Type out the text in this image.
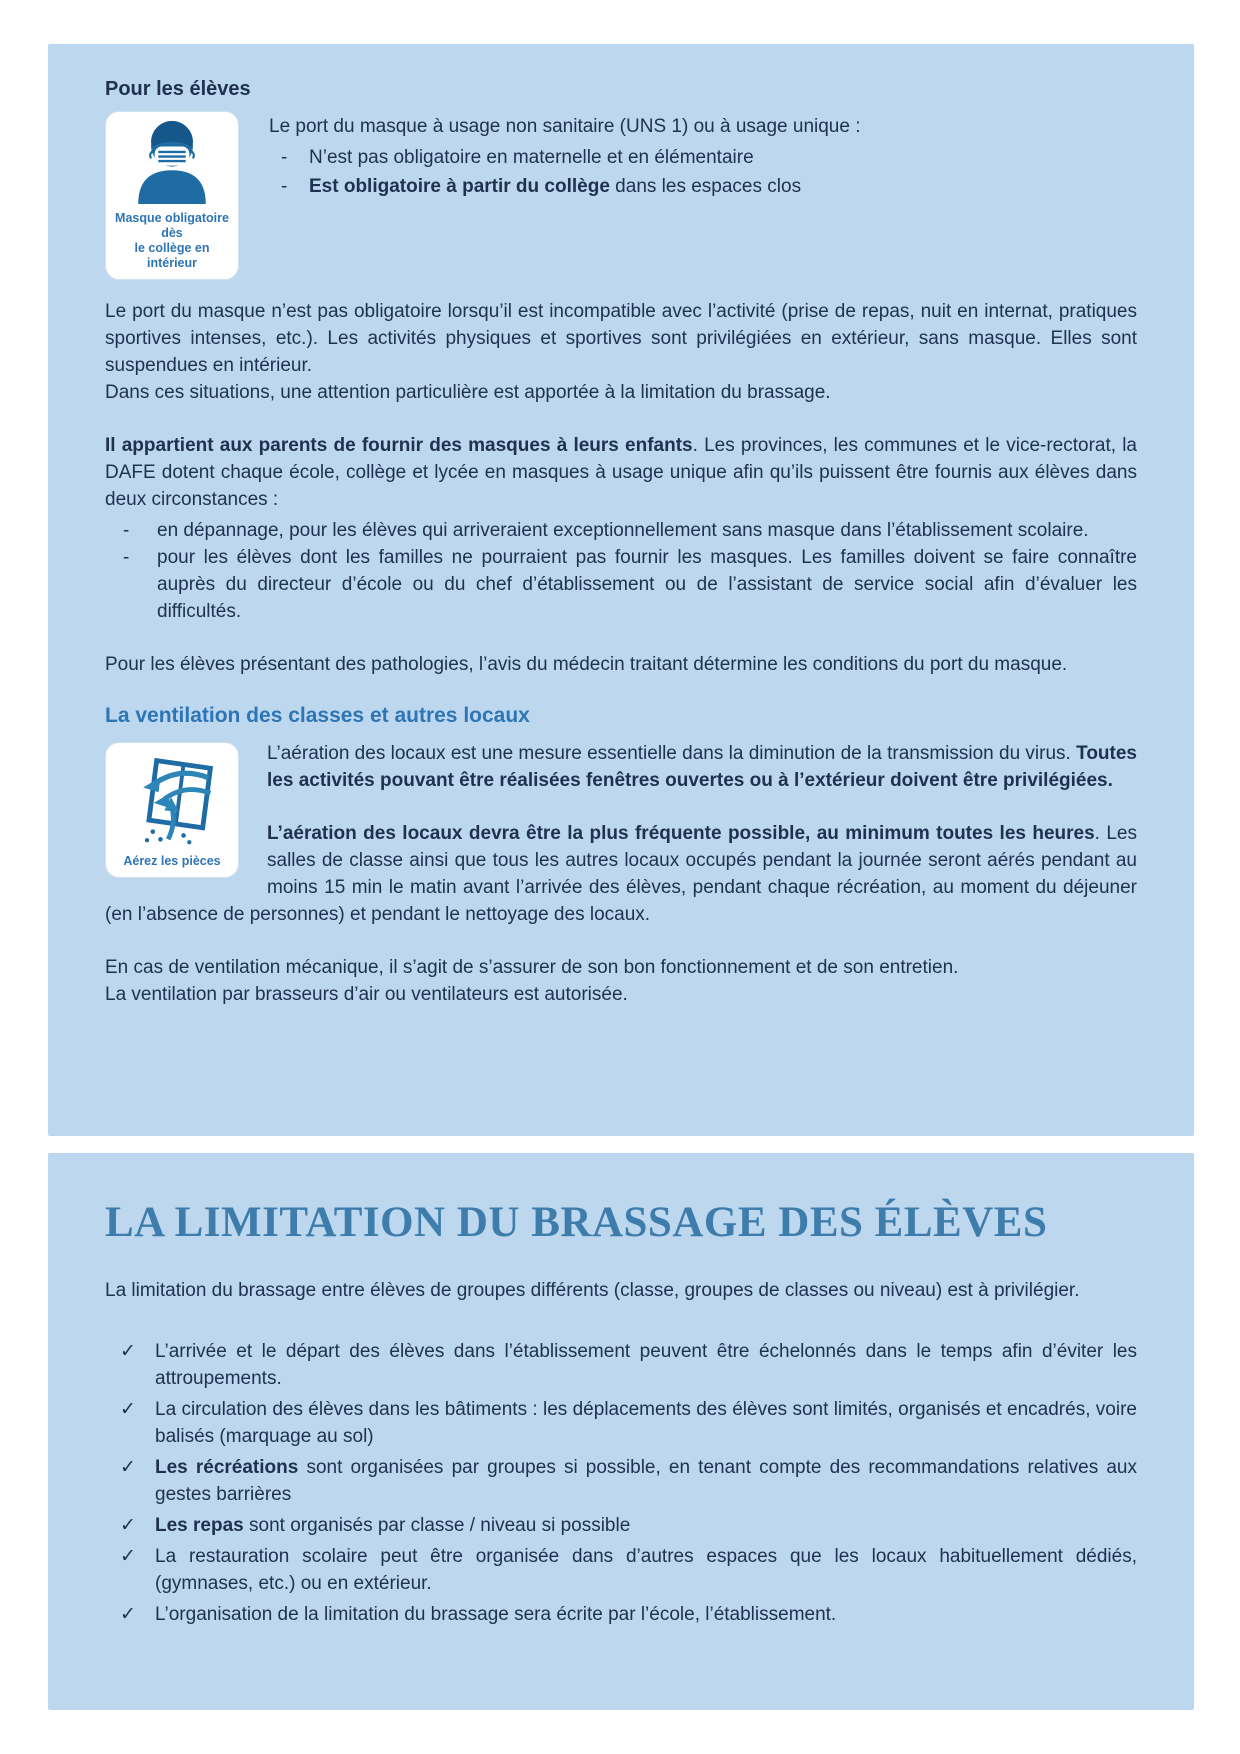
Pour les élèves
Masque obligatoire dès
le collège en intérieur
Le port du masque à usage non sanitaire (UNS 1) ou à usage unique :
- N’est pas obligatoire en maternelle et en élémentaire
- Est obligatoire à partir du collège dans les espaces clos
Le port du masque n’est pas obligatoire lorsqu’il est incompatible avec l’activité (prise de repas, nuit en internat, pratiques sportives intenses, etc.). Les activités physiques et sportives sont privilégiées en extérieur, sans masque. Elles sont suspendues en intérieur.
Dans ces situations, une attention particulière est apportée à la limitation du brassage.
Il appartient aux parents de fournir des masques à leurs enfants. Les provinces, les communes et le vice-rectorat, la DAFE dotent chaque école, collège et lycée en masques à usage unique afin qu’ils puissent être fournis aux élèves dans deux circonstances :
- en dépannage, pour les élèves qui arriveraient exceptionnellement sans masque dans l’établissement scolaire.
- pour les élèves dont les familles ne pourraient pas fournir les masques. Les familles doivent se faire connaître auprès du directeur d’école ou du chef d’établissement ou de l’assistant de service social afin d’évaluer les difficultés.
Pour les élèves présentant des pathologies, l’avis du médecin traitant détermine les conditions du port du masque.
La ventilation des classes et autres locaux
Aérez les pièces
L’aération des locaux est une mesure essentielle dans la diminution de la transmission du virus. Toutes les activités pouvant être réalisées fenêtres ouvertes ou à l’extérieur doivent être privilégiées.
L’aération des locaux devra être la plus fréquente possible, au minimum toutes les heures. Les salles de classe ainsi que tous les autres locaux occupés pendant la journée seront aérés pendant au moins 15 min le matin avant l’arrivée des élèves, pendant chaque récréation, au moment du déjeuner (en l’absence de personnes) et pendant le nettoyage des locaux.
En cas de ventilation mécanique, il s’agit de s’assurer de son bon fonctionnement et de son entretien.
La ventilation par brasseurs d’air ou ventilateurs est autorisée.
LA LIMITATION DU BRASSAGE DES ÉLÈVES
La limitation du brassage entre élèves de groupes différents (classe, groupes de classes ou niveau) est à privilégier.
✓ L’arrivée et le départ des élèves dans l’établissement peuvent être échelonnés dans le temps afin d’éviter les attroupements.
✓ La circulation des élèves dans les bâtiments : les déplacements des élèves sont limités, organisés et encadrés, voire balisés (marquage au sol)
✓ Les récréations sont organisées par groupes si possible, en tenant compte des recommandations relatives aux gestes barrières
✓ Les repas sont organisés par classe / niveau si possible
✓ La restauration scolaire peut être organisée dans d’autres espaces que les locaux habituellement dédiés, (gymnases, etc.) ou en extérieur.
✓ L’organisation de la limitation du brassage sera écrite par l’école, l’établissement.
